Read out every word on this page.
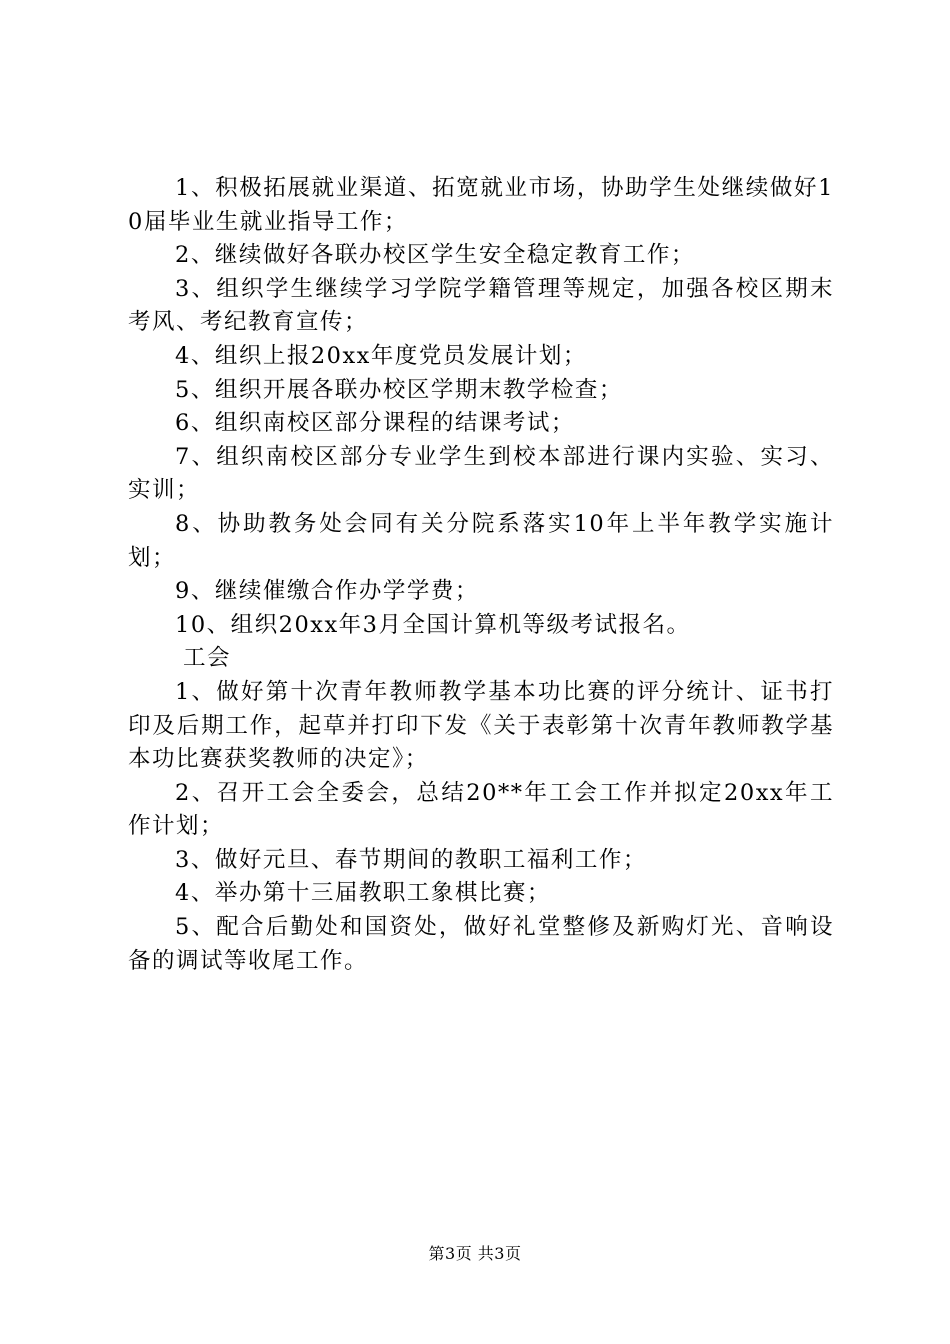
1、积极拓展就业渠道、拓宽就业市场，协助学生处继续做好10届毕业生就业指导工作；

2、继续做好各联办校区学生安全稳定教育工作；

3、组织学生继续学习学院学籍管理等规定，加强各校区期末考风、考纪教育宣传；

4、组织上报20xx年度党员发展计划；

5、组织开展各联办校区学期末教学检查；

6、组织南校区部分课程的结课考试；

7、组织南校区部分专业学生到校本部进行课内实验、实习、实训；

8、协助教务处会同有关分院系落实10年上半年教学实施计划；

9、继续催缴合作办学学费；

10、组织20xx年3月全国计算机等级考试报名。

工会

1、做好第十次青年教师教学基本功比赛的评分统计、证书打印及后期工作，起草并打印下发《关于表彰第十次青年教师教学基本功比赛获奖教师的决定》；

2、召开工会全委会，总结20**年工会工作并拟定20xx年工作计划；

3、做好元旦、春节期间的教职工福利工作；

4、举办第十三届教职工象棋比赛；

5、配合后勤处和国资处，做好礼堂整修及新购灯光、音响设备的调试等收尾工作。

第3页 共3页
